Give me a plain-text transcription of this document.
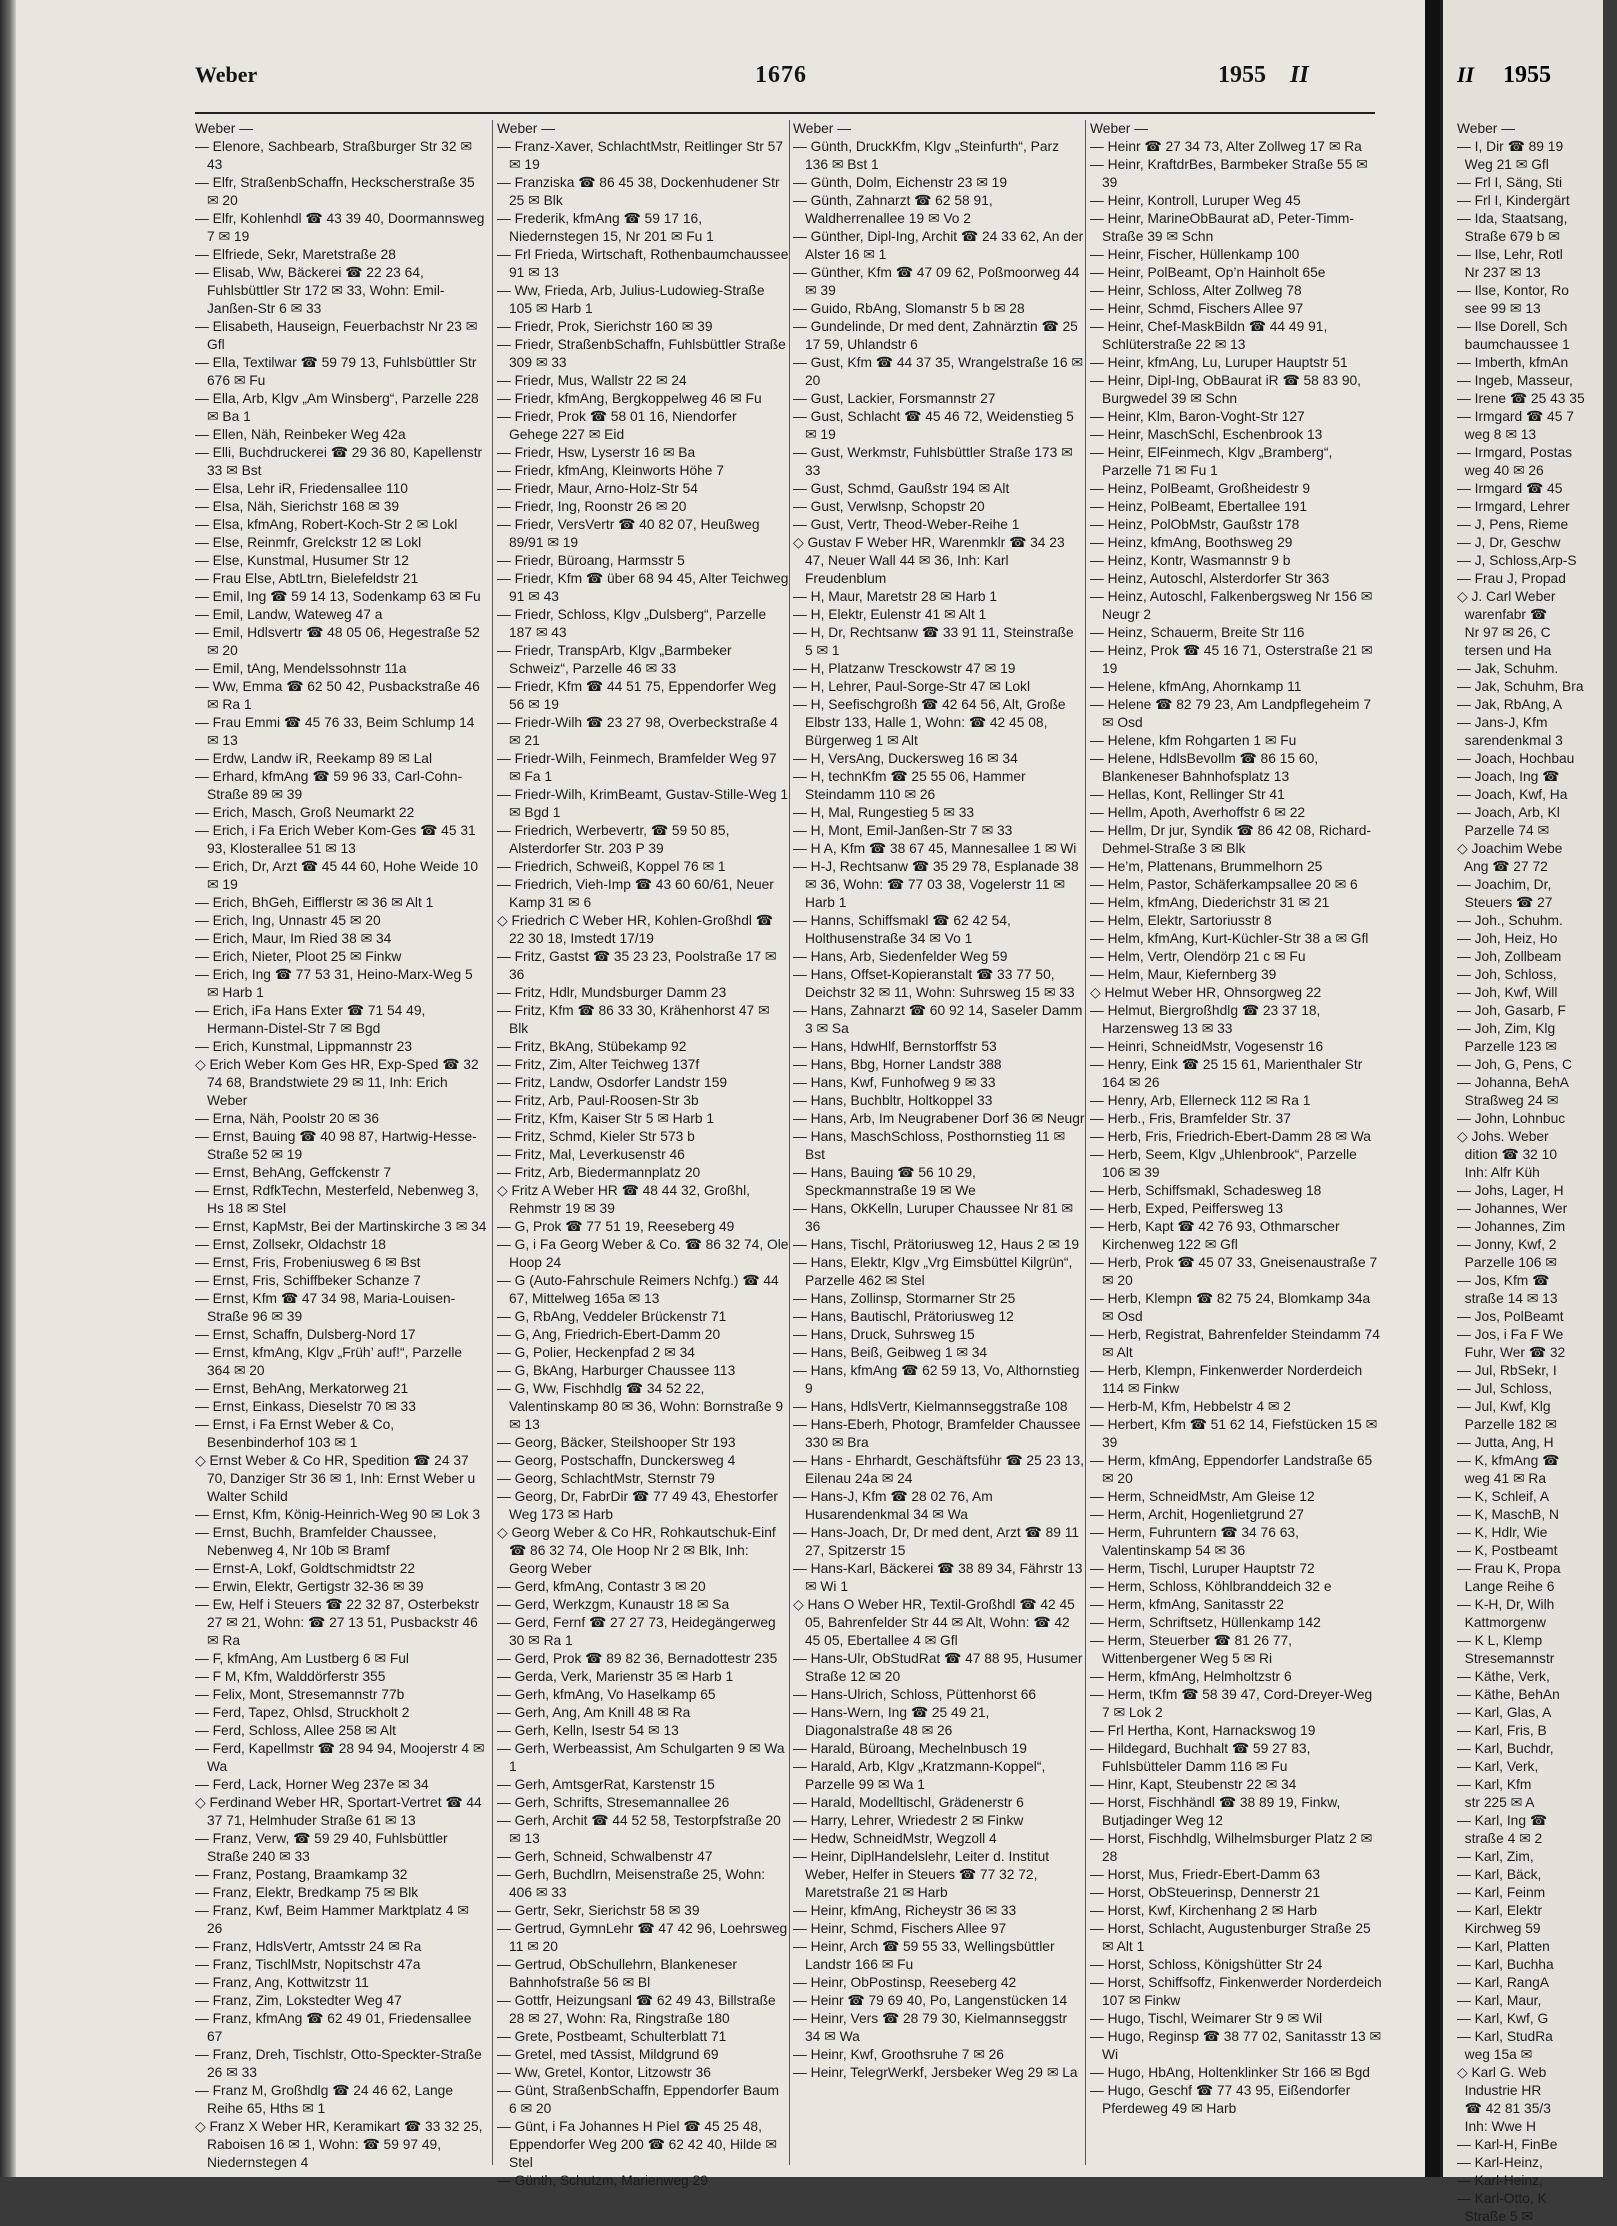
Weber	1676	1955 II
Weber —
— Elenore, Sachbearb, Straßburger Str 32 ✉ 43
— Elfr, StraßenbSchaffn, Heckscherstraße 35 ✉ 20
— Elfr, Kohlenhdl ☎ 43 39 40, Doormannsweg 7 ✉ 19
— Elfriede, Sekr, Maretstraße 28
— Elisab, Ww, Bäckerei ☎ 22 23 64, Fuhlsbüttler Str 172 ✉ 33, Wohn: Emil-Janßen-Str 6 ✉ 33
— Elisabeth, Hauseign, Feuerbachstr Nr 23 ✉ Gfl
— Ella, Textilwar ☎ 59 79 13, Fuhlsbüttler Str 676 ✉ Fu
— Ella, Arb, Klgv „Am Winsberg“, Parzelle 228 ✉ Ba 1
— Ellen, Näh, Reinbeker Weg 42a
— Elli, Buchdruckerei ☎ 29 36 80, Kapellenstr 33 ✉ Bst
— Elsa, Lehr iR, Friedensallee 110
— Elsa, Näh, Sierichstr 168 ✉ 39
— Elsa, kfmAng, Robert-Koch-Str 2 ✉ Lokl
— Else, Reinmfr, Grelckstr 12 ✉ Lokl
— Else, Kunstmal, Husumer Str 12
— Frau Else, AbtLtrn, Bielefeldstr 21
— Emil, Ing ☎ 59 14 13, Sodenkamp 63 ✉ Fu
— Emil, Landw, Wateweg 47 a
— Emil, Hdlsvertr ☎ 48 05 06, Hegestraße 52 ✉ 20
— Emil, tAng, Mendelssohnstr 11a
— Ww, Emma ☎ 62 50 42, Pusbackstraße 46 ✉ Ra 1
— Frau Emmi ☎ 45 76 33, Beim Schlump 14 ✉ 13
— Erdw, Landw iR, Reekamp 89 ✉ Lal
— Erhard, kfmAng ☎ 59 96 33, Carl-Cohn-Straße 89 ✉ 39
— Erich, Masch, Groß Neumarkt 22
— Erich, i Fa Erich Weber Kom-Ges ☎ 45 31 93, Klosterallee 51 ✉ 13
— Erich, Dr, Arzt ☎ 45 44 60, Hohe Weide 10 ✉ 19
— Erich, BhGeh, Eifflerstr ✉ 36 ✉ Alt 1
— Erich, Ing, Unnastr 45 ✉ 20
— Erich, Maur, Im Ried 38 ✉ 34
— Erich, Nieter, Ploot 25 ✉ Finkw
— Erich, Ing ☎ 77 53 31, Heino-Marx-Weg 5 ✉ Harb 1
— Erich, iFa Hans Exter ☎ 71 54 49, Hermann-Distel-Str 7 ✉ Bgd
— Erich, Kunstmal, Lippmannstr 23
◇ Erich Weber Kom Ges HR, Exp-Sped ☎ 32 74 68, Brandstwiete 29 ✉ 11, Inh: Erich Weber
— Erna, Näh, Poolstr 20 ✉ 36
— Ernst, Bauing ☎ 40 98 87, Hartwig-Hesse-Straße 52 ✉ 19
— Ernst, BehAng, Geffckenstr 7
— Ernst, RdfkTechn, Mesterfeld, Nebenweg 3, Hs 18 ✉ Stel
— Ernst, KapMstr, Bei der Martinskirche 3 ✉ 34
— Ernst, Zollsekr, Oldachstr 18
— Ernst, Fris, Frobeniusweg 6 ✉ Bst
— Ernst, Fris, Schiffbeker Schanze 7
— Ernst, Kfm ☎ 47 34 98, Maria-Louisen-Straße 96 ✉ 39
— Ernst, Schaffn, Dulsberg-Nord 17
— Ernst, kfmAng, Klgv „Früh’ auf!“, Parzelle 364 ✉ 20
— Ernst, BehAng, Merkatorweg 21
— Ernst, Einkass, Dieselstr 70 ✉ 33
— Ernst, i Fa Ernst Weber & Co, Besenbinderhof 103 ✉ 1
◇ Ernst Weber & Co HR, Spedition ☎ 24 37 70, Danziger Str 36 ✉ 1, Inh: Ernst Weber u Walter Schild
— Ernst, Kfm, König-Heinrich-Weg 90 ✉ Lok 3
— Ernst, Buchh, Bramfelder Chaussee, Nebenweg 4, Nr 10b ✉ Bramf
— Ernst-A, Lokf, Goldtschmidtstr 22
— Erwin, Elektr, Gertigstr 32-36 ✉ 39
— Ew, Helf i Steuers ☎ 22 32 87, Osterbekstr 27 ✉ 21, Wohn: ☎ 27 13 51, Pusbackstr 46 ✉ Ra
— F, kfmAng, Am Lustberg 6 ✉ Ful
— F M, Kfm, Walddörferstr 355
— Felix, Mont, Stresemannstr 77b
— Ferd, Tapez, Ohlsd, Struckholt 2
— Ferd, Schloss, Allee 258 ✉ Alt
— Ferd, Kapellmstr ☎ 28 94 94, Moojerstr 4 ✉ Wa
— Ferd, Lack, Horner Weg 237e ✉ 34
◇ Ferdinand Weber HR, Sportart-Vertret ☎ 44 37 71, Helmhuder Straße 61 ✉ 13
— Franz, Verw, ☎ 59 29 40, Fuhlsbüttler Straße 240 ✉ 33
— Franz, Postang, Braamkamp 32
— Franz, Elektr, Bredkamp 75 ✉ Blk
— Franz, Kwf, Beim Hammer Marktplatz 4 ✉ 26
— Franz, HdlsVertr, Amtsstr 24 ✉ Ra
— Franz, TischlMstr, Nopitschstr 47a
— Franz, Ang, Kottwitzstr 11
— Franz, Zim, Lokstedter Weg 47
— Franz, kfmAng ☎ 62 49 01, Friedensallee 67
— Franz, Dreh, Tischlstr, Otto-Speckter-Straße 26 ✉ 33
— Franz M, Großhdlg ☎ 24 46 62, Lange Reihe 65, Hths ✉ 1
◇ Franz X Weber HR, Keramikart ☎ 33 32 25, Raboisen 16 ✉ 1, Wohn: ☎ 59 97 49, Niedernstegen 4
Weber —
— Franz-Xaver, SchlachtMstr, Reitlinger Str 57 ✉ 19
— Franziska ☎ 86 45 38, Dockenhudener Str 25 ✉ Blk
— Frederik, kfmAng ☎ 59 17 16, Niedernstegen 15, Nr 201 ✉ Fu 1
— Frl Frieda, Wirtschaft, Rothenbaumchaussee 91 ✉ 13
— Ww, Frieda, Arb, Julius-Ludowieg-Straße 105 ✉ Harb 1
— Friedr, Prok, Sierichstr 160 ✉ 39
— Friedr, StraßenbSchaffn, Fuhlsbüttler Straße 309 ✉ 33
— Friedr, Mus, Wallstr 22 ✉ 24
— Friedr, kfmAng, Bergkoppelweg 46 ✉ Fu
— Friedr, Prok ☎ 58 01 16, Niendorfer Gehege 227 ✉ Eid
— Friedr, Hsw, Lyserstr 16 ✉ Ba
— Friedr, kfmAng, Kleinworts Höhe 7
— Friedr, Maur, Arno-Holz-Str 54
— Friedr, Ing, Roonstr 26 ✉ 20
— Friedr, VersVertr ☎ 40 82 07, Heußweg 89/91 ✉ 19
— Friedr, Büroang, Harmsstr 5
— Friedr, Kfm ☎ über 68 94 45, Alter Teichweg 91 ✉ 43
— Friedr, Schloss, Klgv „Dulsberg“, Parzelle 187 ✉ 43
— Friedr, TranspArb, Klgv „Barmbeker Schweiz“, Parzelle 46 ✉ 33
— Friedr, Kfm ☎ 44 51 75, Eppendorfer Weg 56 ✉ 19
— Friedr-Wilh ☎ 23 27 98, Overbeckstraße 4 ✉ 21
— Friedr-Wilh, Feinmech, Bramfelder Weg 97 ✉ Fa 1
— Friedr-Wilh, KrimBeamt, Gustav-Stille-Weg 1 ✉ Bgd 1
— Friedrich, Werbevertr, ☎ 59 50 85, Alsterdorfer Str. 203 P 39
— Friedrich, Schweiß, Koppel 76 ✉ 1
— Friedrich, Vieh-Imp ☎ 43 60 60/61, Neuer Kamp 31 ✉ 6
◇ Friedrich C Weber HR, Kohlen-Großhdl ☎ 22 30 18, Imstedt 17/19
— Fritz, Gastst ☎ 35 23 23, Poolstraße 17 ✉ 36
— Fritz, Hdlr, Mundsburger Damm 23
— Fritz, Kfm ☎ 86 33 30, Krähenhorst 47 ✉ Blk
— Fritz, BkAng, Stübekamp 92
— Fritz, Zim, Alter Teichweg 137f
— Fritz, Landw, Osdorfer Landstr 159
— Fritz, Arb, Paul-Roosen-Str 3b
— Fritz, Kfm, Kaiser Str 5 ✉ Harb 1
— Fritz, Schmd, Kieler Str 573 b
— Fritz, Mal, Leverkusenstr 46
— Fritz, Arb, Biedermannplatz 20
◇ Fritz A Weber HR ☎ 48 44 32, Großhl, Rehmstr 19 ✉ 39
— G, Prok ☎ 77 51 19, Reeseberg 49
— G, i Fa Georg Weber & Co. ☎ 86 32 74, Ole Hoop 24
— G (Auto-Fahrschule Reimers Nchfg.) ☎ 44 67, Mittelweg 165a ✉ 13
— G, RbAng, Veddeler Brückenstr 71
— G, Ang, Friedrich-Ebert-Damm 20
— G, Polier, Heckenpfad 2 ✉ 34
— G, BkAng, Harburger Chaussee 113
— G, Ww, Fischhdlg ☎ 34 52 22, Valentinskamp 80 ✉ 36, Wohn: Bornstraße 9 ✉ 13
— Georg, Bäcker, Steilshooper Str 193
— Georg, Postschaffn, Dunckersweg 4
— Georg, SchlachtMstr, Sternstr 79
— Georg, Dr, FabrDir ☎ 77 49 43, Ehestorfer Weg 173 ✉ Harb
◇ Georg Weber & Co HR, Rohkautschuk-Einf ☎ 86 32 74, Ole Hoop Nr 2 ✉ Blk, Inh: Georg Weber
— Gerd, kfmAng, Contastr 3 ✉ 20
— Gerd, Werkzgm, Kunaustr 18 ✉ Sa
— Gerd, Fernf ☎ 27 27 73, Heidegängerweg 30 ✉ Ra 1
— Gerd, Prok ☎ 89 82 36, Bernadottestr 235
— Gerda, Verk, Marienstr 35 ✉ Harb 1
— Gerh, kfmAng, Vo Haselkamp 65
— Gerh, Ang, Am Knill 48 ✉ Ra
— Gerh, Kelln, Isestr 54 ✉ 13
— Gerh, Werbeassist, Am Schulgarten 9 ✉ Wa 1
— Gerh, AmtsgerRat, Karstenstr 15
— Gerh, Schrifts, Stresemannallee 26
— Gerh, Archit ☎ 44 52 58, Testorpfstraße 20 ✉ 13
— Gerh, Schneid, Schwalbenstr 47
— Gerh, Buchdlrn, Meisenstraße 25, Wohn: 406 ✉ 33
— Gertr, Sekr, Sierichstr 58 ✉ 39
— Gertrud, GymnLehr ☎ 47 42 96, Loehrsweg 11 ✉ 20
— Gertrud, ObSchullehrn, Blankeneser Bahnhofstraße 56 ✉ Bl
— Gottfr, Heizungsanl ☎ 62 49 43, Billstraße 28 ✉ 27, Wohn: Ra, Ringstraße 180
— Grete, Postbeamt, Schulterblatt 71
— Gretel, med tAssist, Mildgrund 69
— Ww, Gretel, Kontor, Litzowstr 36
— Günt, StraßenbSchaffn, Eppendorfer Baum 6 ✉ 20
— Günt, i Fa Johannes H Piel ☎ 45 25 48, Eppendorfer Weg 200 ☎ 62 42 40, Hilde ✉ Stel
— Günth, Schutzm, Marienweg 29
Weber —
— Günth, DruckKfm, Klgv „Steinfurth“, Parz 136 ✉ Bst 1
— Günth, Dolm, Eichenstr 23 ✉ 19
— Günth, Zahnarzt ☎ 62 58 91, Waldherrenallee 19 ✉ Vo 2
— Günther, Dipl-Ing, Archit ☎ 24 33 62, An der Alster 16 ✉ 1
— Günther, Kfm ☎ 47 09 62, Poßmoorweg 44 ✉ 39
— Guido, RbAng, Slomanstr 5 b ✉ 28
— Gundelinde, Dr med dent, Zahnärztin ☎ 25 17 59, Uhlandstr 6
— Gust, Kfm ☎ 44 37 35, Wrangelstraße 16 ✉ 20
— Gust, Lackier, Forsmannstr 27
— Gust, Schlacht ☎ 45 46 72, Weidenstieg 5 ✉ 19
— Gust, Werkmstr, Fuhlsbüttler Straße 173 ✉ 33
— Gust, Schmd, Gaußstr 194 ✉ Alt
— Gust, Verwlsnp, Schopstr 20
— Gust, Vertr, Theod-Weber-Reihe 1
◇ Gustav F Weber HR, Warenmklr ☎ 34 23 47, Neuer Wall 44 ✉ 36, Inh: Karl Freudenblum
— H, Maur, Maretstr 28 ✉ Harb 1
— H, Elektr, Eulenstr 41 ✉ Alt 1
— H, Dr, Rechtsanw ☎ 33 91 11, Steinstraße 5 ✉ 1
— H, Platzanw Tresckowstr 47 ✉ 19
— H, Lehrer, Paul-Sorge-Str 47 ✉ Lokl
— H, Seefischgroßh ☎ 42 64 56, Alt, Große Elbstr 133, Halle 1, Wohn: ☎ 42 45 08, Bürgerweg 1 ✉ Alt
— H, VersAng, Duckersweg 16 ✉ 34
— H, technKfm ☎ 25 55 06, Hammer Steindamm 110 ✉ 26
— H, Mal, Rungestieg 5 ✉ 33
— H, Mont, Emil-Janßen-Str 7 ✉ 33
— H A, Kfm ☎ 38 67 45, Mannesallee 1 ✉ Wi
— H-J, Rechtsanw ☎ 35 29 78, Esplanade 38 ✉ 36, Wohn: ☎ 77 03 38, Vogelerstr 11 ✉ Harb 1
— Hanns, Schiffsmakl ☎ 62 42 54, Holthusenstraße 34 ✉ Vo 1
— Hans, Arb, Siedenfelder Weg 59
— Hans, Offset-Kopieranstalt ☎ 33 77 50, Deichstr 32 ✉ 11, Wohn: Suhrsweg 15 ✉ 33
— Hans, Zahnarzt ☎ 60 92 14, Saseler Damm 3 ✉ Sa
— Hans, HdwHlf, Bernstorffstr 53
— Hans, Bbg, Horner Landstr 388
— Hans, Kwf, Funhofweg 9 ✉ 33
— Hans, Buchbltr, Holtkoppel 33
— Hans, Arb, Im Neugrabener Dorf 36 ✉ Neugr
— Hans, MaschSchloss, Posthornstieg 11 ✉ Bst
— Hans, Bauing ☎ 56 10 29, Speckmannstraße 19 ✉ We
— Hans, OkKelln, Luruper Chaussee Nr 81 ✉ 36
— Hans, Tischl, Prätoriusweg 12, Haus 2 ✉ 19
— Hans, Elektr, Klgv „Vrg Eimsbüttel Kilgrün“, Parzelle 462 ✉ Stel
— Hans, Zollinsp, Stormarner Str 25
— Hans, Bautischl, Prätoriusweg 12
— Hans, Druck, Suhrsweg 15
— Hans, Beiß, Geibweg 1 ✉ 34
— Hans, kfmAng ☎ 62 59 13, Vo, Althornstieg 9
— Hans, HdlsVertr, Kielmannseggstraße 108
— Hans-Eberh, Photogr, Bramfelder Chaussee 330 ✉ Bra
— Hans - Ehrhardt, Geschäftsführ ☎ 25 23 13, Eilenau 24a ✉ 24
— Hans-J, Kfm ☎ 28 02 76, Am Husarendenkmal 34 ✉ Wa
— Hans-Joach, Dr, Dr med dent, Arzt ☎ 89 11 27, Spitzerstr 15
— Hans-Karl, Bäckerei ☎ 38 89 34, Fährstr 13 ✉ Wi 1
◇ Hans O Weber HR, Textil-Großhdl ☎ 42 45 05, Bahrenfelder Str 44 ✉ Alt, Wohn: ☎ 42 45 05, Ebertallee 4 ✉ Gfl
— Hans-Ulr, ObStudRat ☎ 47 88 95, Husumer Straße 12 ✉ 20
— Hans-Ulrich, Schloss, Püttenhorst 66
— Hans-Wern, Ing ☎ 25 49 21, Diagonalstraße 48 ✉ 26
— Harald, Büroang, Mechelnbusch 19
— Harald, Arb, Klgv „Kratzmann-Koppel“, Parzelle 99 ✉ Wa 1
— Harald, Modelltischl, Grädenerstr 6
— Harry, Lehrer, Wriedestr 2 ✉ Finkw
— Hedw, SchneidMstr, Wegzoll 4
— Heinr, DiplHandelslehr, Leiter d. Institut Weber, Helfer in Steuers ☎ 77 32 72, Maretstraße 21 ✉ Harb
— Heinr, kfmAng, Richeystr 36 ✉ 33
— Heinr, Schmd, Fischers Allee 97
— Heinr, Arch ☎ 59 55 33, Wellingsbüttler Landstr 166 ✉ Fu
— Heinr, ObPostinsp, Reeseberg 42
— Heinr ☎ 79 69 40, Po, Langenstücken 14
— Heinr, Vers ☎ 28 79 30, Kielmannseggstr 34 ✉ Wa
— Heinr, Kwf, Groothsruhe 7 ✉ 26
— Heinr, TelegrWerkf, Jersbeker Weg 29 ✉ La
Weber —
— Heinr ☎ 27 34 73, Alter Zollweg 17 ✉ Ra
— Heinr, KraftdrBes, Barmbeker Straße 55 ✉ 39
— Heinr, Kontroll, Luruper Weg 45
— Heinr, MarineObBaurat aD, Peter-Timm-Straße 39 ✉ Schn
— Heinr, Fischer, Hüllenkamp 100
— Heinr, PolBeamt, Op’n Hainholt 65e
— Heinr, Schloss, Alter Zollweg 78
— Heinr, Schmd, Fischers Allee 97
— Heinr, Chef-MaskBildn ☎ 44 49 91, Schlüterstraße 22 ✉ 13
— Heinr, kfmAng, Lu, Luruper Hauptstr 51
— Heinr, Dipl-Ing, ObBaurat iR ☎ 58 83 90, Burgwedel 39 ✉ Schn
— Heinr, Klm, Baron-Voght-Str 127
— Heinr, MaschSchl, Eschenbrook 13
— Heinr, ElFeinmech, Klgv „Bramberg“, Parzelle 71 ✉ Fu 1
— Heinz, PolBeamt, Großheidestr 9
— Heinz, PolBeamt, Ebertallee 191
— Heinz, PolObMstr, Gaußstr 178
— Heinz, kfmAng, Boothsweg 29
— Heinz, Kontr, Wasmannstr 9 b
— Heinz, Autoschl, Alsterdorfer Str 363
— Heinz, Autoschl, Falkenbergsweg Nr 156 ✉ Neugr 2
— Heinz, Schauerm, Breite Str 116
— Heinz, Prok ☎ 45 16 71, Osterstraße 21 ✉ 19
— Helene, kfmAng, Ahornkamp 11
— Helene ☎ 82 79 23, Am Landpflegeheim 7 ✉ Osd
— Helene, kfm Rohgarten 1 ✉ Fu
— Helene, HdlsBevollm ☎ 86 15 60, Blankeneser Bahnhofsplatz 13
— Hellas, Kont, Rellinger Str 41
— Hellm, Apoth, Averhoffstr 6 ✉ 22
— Hellm, Dr jur, Syndik ☎ 86 42 08, Richard-Dehmel-Straße 3 ✉ Blk
— He’m, Plattenans, Brummelhorn 25
— Helm, Pastor, Schäferkampsallee 20 ✉ 6
— Helm, kfmAng, Diederichstr 31 ✉ 21
— Helm, Elektr, Sartoriusstr 8
— Helm, kfmAng, Kurt-Küchler-Str 38 a ✉ Gfl
— Helm, Vertr, Olendörp 21 c ✉ Fu
— Helm, Maur, Kiefernberg 39
◇ Helmut Weber HR, Ohnsorgweg 22
— Helmut, Biergroßhdlg ☎ 23 37 18, Harzensweg 13 ✉ 33
— Heinri, SchneidMstr, Vogesenstr 16
— Henry, Eink ☎ 25 15 61, Marienthaler Str 164 ✉ 26
— Henry, Arb, Ellerneck 112 ✉ Ra 1
— Herb., Fris, Bramfelder Str. 37
— Herb, Fris, Friedrich-Ebert-Damm 28 ✉ Wa
— Herb, Seem, Klgv „Uhlenbrook“, Parzelle 106 ✉ 39
— Herb, Schiffsmakl, Schadesweg 18
— Herb, Exped, Peiffersweg 13
— Herb, Kapt ☎ 42 76 93, Othmarscher Kirchenweg 122 ✉ Gfl
— Herb, Prok ☎ 45 07 33, Gneisenaustraße 7 ✉ 20
— Herb, Klempn ☎ 82 75 24, Blomkamp 34a ✉ Osd
— Herb, Registrat, Bahrenfelder Steindamm 74 ✉ Alt
— Herb, Klempn, Finkenwerder Norderdeich 114 ✉ Finkw
— Herb-M, Kfm, Hebbelstr 4 ✉ 2
— Herbert, Kfm ☎ 51 62 14, Fiefstücken 15 ✉ 39
— Herm, kfmAng, Eppendorfer Landstraße 65 ✉ 20
— Herm, SchneidMstr, Am Gleise 12
— Herm, Archit, Hogenlietgrund 27
— Herm, Fuhruntern ☎ 34 76 63, Valentinskamp 54 ✉ 36
— Herm, Tischl, Luruper Hauptstr 72
— Herm, Schloss, Köhlbranddeich 32 e
— Herm, kfmAng, Sanitasstr 22
— Herm, Schriftsetz, Hüllenkamp 142
— Herm, Steuerber ☎ 81 26 77, Wittenbergener Weg 5 ✉ Ri
— Herm, kfmAng, Helmholtzstr 6
— Herm, tKfm ☎ 58 39 47, Cord-Dreyer-Weg 7 ✉ Lok 2
— Frl Hertha, Kont, Harnackswog 19
— Hildegard, Buchhalt ☎ 59 27 83, Fuhlsbütteler Damm 116 ✉ Fu
— Hinr, Kapt, Steubenstr 22 ✉ 34
— Horst, Fischhändl ☎ 38 89 19, Finkw, Butjadinger Weg 12
— Horst, Fischhdlg, Wilhelmsburger Platz 2 ✉ 28
— Horst, Mus, Friedr-Ebert-Damm 63
— Horst, ObSteuerinsp, Dennerstr 21
— Horst, Kwf, Kirchenhang 2 ✉ Harb
— Horst, Schlacht, Augustenburger Straße 25 ✉ Alt 1
— Horst, Schloss, Königshütter Str 24
— Horst, Schiffsoffz, Finkenwerder Norderdeich 107 ✉ Finkw
— Hugo, Tischl, Weimarer Str 9 ✉ Wil
— Hugo, Reginsp ☎ 38 77 02, Sanitasstr 13 ✉ Wi
— Hugo, HbAng, Holtenklinker Str 166 ✉ Bgd
— Hugo, Geschf ☎ 77 43 95, Eißendorfer Pferdeweg 49 ✉ Harb
II 1955
Weber —
— I, Dir ☎ 89 19
Weg 21 ✉ Gfl
— Frl I, Säng, Sti
— Frl I, Kindergärt
— Ida, Staatsang,
Straße 679 b ✉
— Ilse, Lehr, Rotl
Nr 237 ✉ 13
— Ilse, Kontor, Ro
see 99 ✉ 13
— Ilse Dorell, Sch
baumchaussee 1
— Imberth, kfmAn
— Ingeb, Masseur,
— Irene ☎ 25 43 35
— Irmgard ☎ 45 7
weg 8 ✉ 13
— Irmgard, Postas
weg 40 ✉ 26
— Irmgard ☎ 45
— Irmgard, Lehrer
— J, Pens, Rieme
— J, Dr, Geschw
— J, Schloss,Arp-S
— Frau J, Propad
◇ J. Carl Weber
warenfabr ☎
Nr 97 ✉ 26, C
tersen und Ha
— Jak, Schuhm.
— Jak, Schuhm, Bra
— Jak, RbAng, A
— Jans-J, Kfm
sarendenkmal 3
— Joach, Hochbau
— Joach, Ing ☎
— Joach, Kwf, Ha
— Joach, Arb, Kl
Parzelle 74 ✉
◇ Joachim Webe
Ang ☎ 27 72
— Joachim, Dr,
Steuers ☎ 27
— Joh., Schuhm.
— Joh, Heiz, Ho
— Joh, Zollbeam
— Joh, Schloss,
— Joh, Kwf, Will
— Joh, Gasarb, F
— Joh, Zim, Klg
Parzelle 123 ✉
— Joh, G, Pens, C
— Johanna, BehA
Straßweg 24 ✉
— John, Lohnbuc
◇ Johs. Weber
dition ☎ 32 10
Inh: Alfr Küh
— Johs, Lager, H
— Johannes, Wer
— Johannes, Zim
— Jonny, Kwf, 2
Parzelle 106 ✉
— Jos, Kfm ☎
straße 14 ✉ 13
— Jos, PolBeamt
— Jos, i Fa F We
Fuhr, Wer ☎ 32
— Jul, RbSekr, I
— Jul, Schloss,
— Jul, Kwf, Klg
Parzelle 182 ✉
— Jutta, Ang, H
— K, kfmAng ☎
weg 41 ✉ Ra
— K, Schleif, A
— K, MaschB, N
— K, Hdlr, Wie
— K, Postbeamt
— Frau K, Propa
Lange Reihe 6
— K-H, Dr, Wilh
Kattmorgenw
— K L, Klemp
Stresemannstr
— Käthe, Verk,
— Käthe, BehAn
— Karl, Glas, A
— Karl, Fris, B
— Karl, Buchdr,
— Karl, Verk,
— Karl, Kfm
str 225 ✉ A
— Karl, Ing ☎
straße 4 ✉ 2
— Karl, Zim,
— Karl, Bäck,
— Karl, Feinm
— Karl, Elektr
Kirchweg 59
— Karl, Platten
— Karl, Buchha
— Karl, RangA
— Karl, Maur,
— Karl, Kwf, G
— Karl, StudRa
weg 15a ✉
◇ Karl G. Web
Industrie HR
☎ 42 81 35/3
Inh: Wwe H
— Karl-H, FinBe
— Karl-Heinz,
— Karl-Heinz,
— Karl-Otto, K
Straße 5 ✉
